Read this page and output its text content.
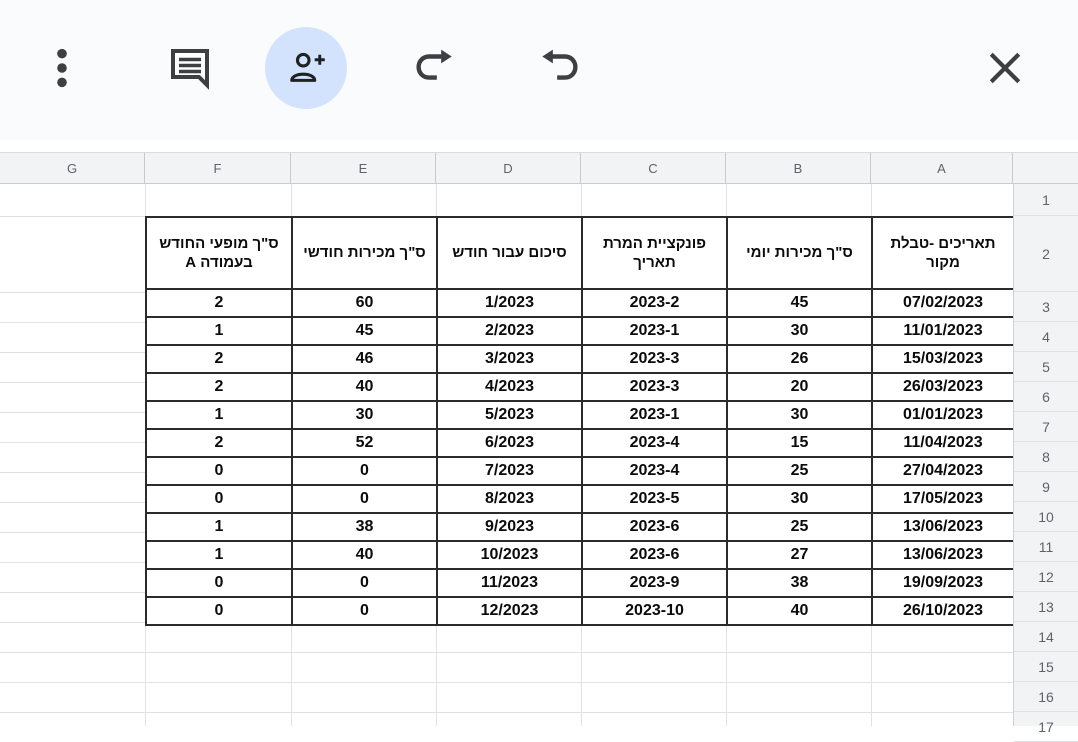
G	F	E	D	C	B	A
1
2
3
4
5
6
7
8
9
10
11
12
13
14
15
16
17
ס"ך מופעי החודש בעמודה A	ס"ך מכירות חודשי	סיכום עבור חודש	פונקציית המרת תאריך	ס"ך מכירות יומי	תאריכים -טבלת מקור
2	60	1/2023	2023-2	45	07/02/2023
1	45	2/2023	2023-1	30	11/01/2023
2	46	3/2023	2023-3	26	15/03/2023
2	40	4/2023	2023-3	20	26/03/2023
1	30	5/2023	2023-1	30	01/01/2023
2	52	6/2023	2023-4	15	11/04/2023
0	0	7/2023	2023-4	25	27/04/2023
0	0	8/2023	2023-5	30	17/05/2023
1	38	9/2023	2023-6	25	13/06/2023
1	40	10/2023	2023-6	27	13/06/2023
0	0	11/2023	2023-9	38	19/09/2023
0	0	12/2023	2023-10	40	26/10/2023
